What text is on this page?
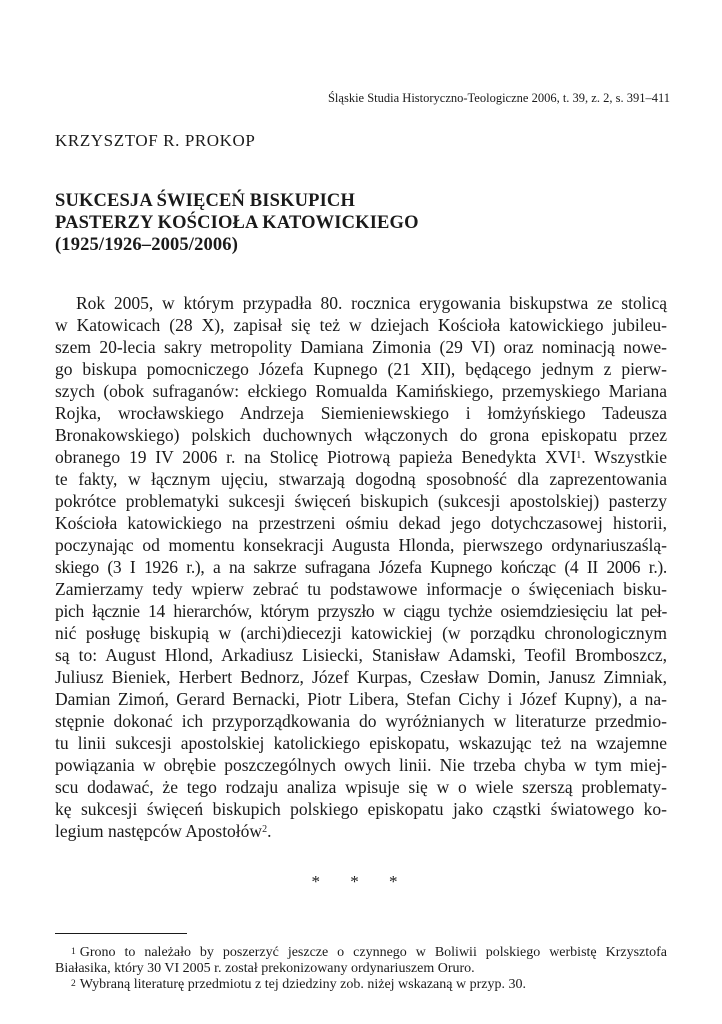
Śląskie Studia Historyczno-Teologiczne 2006, t. 39, z. 2, s. 391–411

KRZYSZTOF R. PROKOP

SUKCESJA ŚWIĘCEŃ BISKUPICH
PASTERZY KOŚCIOŁA KATOWICKIEGO
(1925/1926–2005/2006)
Rok 2005, w którym przypadła 80. rocznica erygowania biskupstwa ze stolicą
w Katowicach (28 X), zapisał się też w dziejach Kościoła katowickiego jubileu-
szem 20-lecia sakry metropolity Damiana Zimonia (29 VI) oraz nominacją nowe-
go biskupa pomocniczego Józefa Kupnego (21 XII), będącego jednym z pierw-
szych (obok sufraganów: ełckiego Romualda Kamińskiego, przemyskiego Mariana
Rojka, wrocławskiego Andrzeja Siemieniewskiego i łomżyńskiego Tadeusza
Bronakowskiego) polskich duchownych włączonych do grona episkopatu przez
obranego 19 IV 2006 r. na Stolicę Piotrową papieża Benedykta XVI$^1$. Wszystkie
te fakty, w łącznym ujęciu, stwarzają dogodną sposobność dla zaprezentowania
pokrótce problematyki sukcesji święceń biskupich (sukcesji apostolskiej) pasterzy
Kościoła katowickiego na przestrzeni ośmiu dekad jego dotychczasowej historii,
poczynając od momentu konsekracji Augusta Hlonda, pierwszego ordynariuszaślą-
skiego (3 I 1926 r.), a na sakrze sufragana Józefa Kupnego kończąc (4 II 2006 r.).
Zamierzamy tedy wpierw zebrać tu podstawowe informacje o święceniach bisku-
pich łącznie 14 hierarchów, którym przyszło w ciągu tychże osiemdziesięciu lat peł-
nić posługę biskupią w (archi)diecezji katowickiej (w porządku chronologicznym
są to: August Hlond, Arkadiusz Lisiecki, Stanisław Adamski, Teofil Bromboszcz,
Juliusz Bieniek, Herbert Bednorz, Józef Kurpas, Czesław Domin, Janusz Zimniak,
Damian Zimoń, Gerard Bernacki, Piotr Libera, Stefan Cichy i Józef Kupny), a na-
stępnie dokonać ich przyporządkowania do wyróżnianych w literaturze przedmio-
tu linii sukcesji apostolskiej katolickiego episkopatu, wskazując też na wzajemne
powiązania w obrębie poszczególnych owych linii. Nie trzeba chyba w tym miej-
scu dodawać, że tego rodzaju analiza wpisuje się w o wiele szerszą problematy-
kę sukcesji święceń biskupich polskiego episkopatu jako cząstki światowego ko-
legium następców Apostołów$^2$.

* * *

$^1$ Grono to należało by poszerzyć jeszcze o czynnego w Boliwii polskiego werbistę Krzysztofa
Białasika, który 30 VI 2005 r. został prekonizowany ordynariuszem Oruro.
$^2$ Wybraną literaturę przedmiotu z tej dziedziny zob. niżej wskazaną w przyp. 30.
